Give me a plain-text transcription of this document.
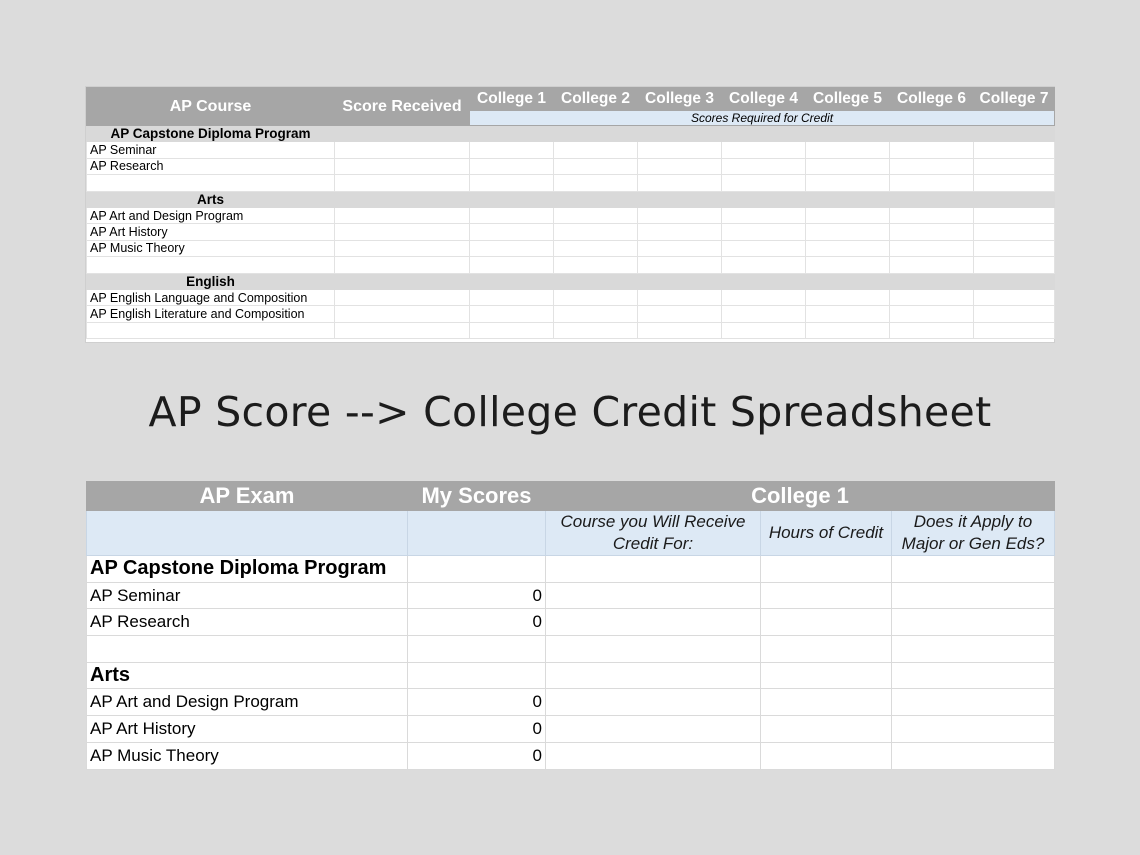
AP Course	Score Received	College 1	College 2	College 3	College 4	College 5	College 6	College 7
		Scores Required for Credit						
AP Capstone Diploma Program								
AP Seminar								
AP Research								

Arts								
AP Art and Design Program								
AP Art History								
AP Music Theory								

English								
AP English Language and Composition								
AP English Literature and Composition								

AP Score --> College Credit Spreadsheet
AP Exam	My Scores	College 1		
		Course you Will Receive Credit For:	Hours of Credit	Does it Apply to Major or Gen Eds?
AP Capstone Diploma Program				
AP Seminar	0			
AP Research	0			

Arts				
AP Art and Design Program	0			
AP Art History	0			
AP Music Theory	0			
